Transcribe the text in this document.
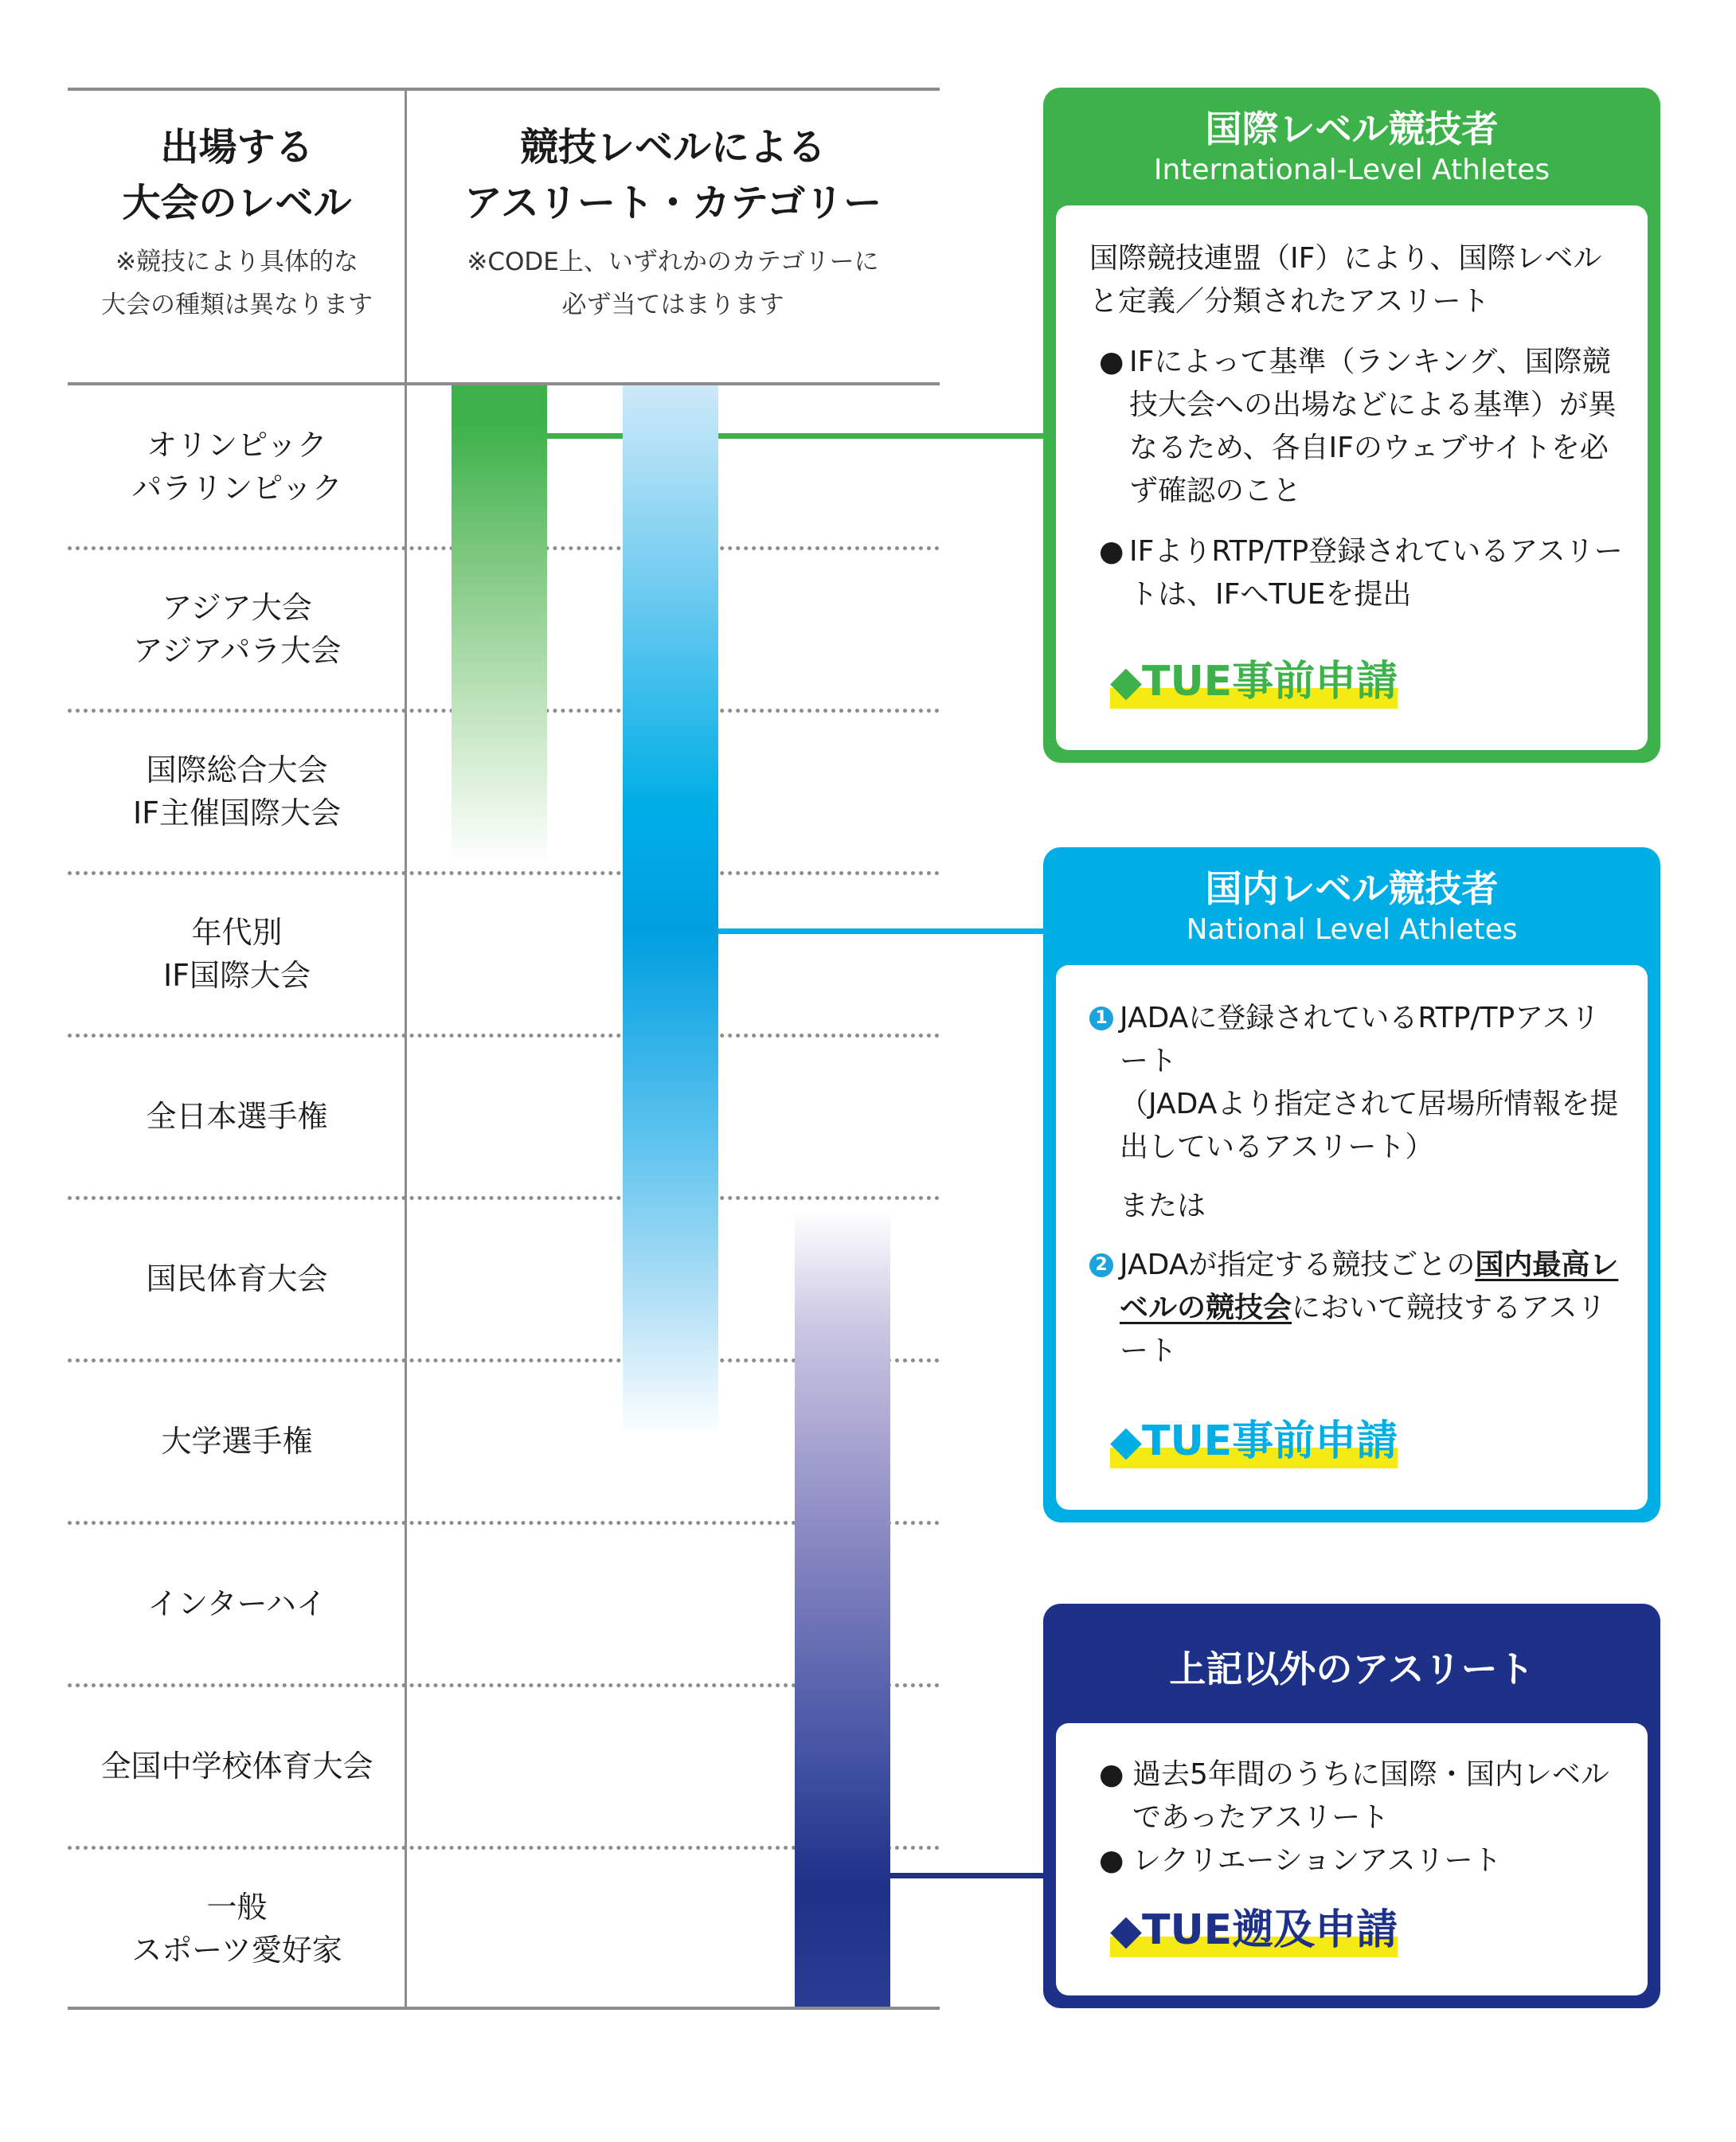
出場する
大会のレベル
※競技により具体的な
大会の種類は異なります
競技レベルによる
アスリート・カテゴリー
※CODE上、いずれかのカテゴリーに
必ず当てはまります
オリンピック
パラリンピック
アジア大会
アジアパラ大会
国際総合大会
IF主催国際大会
年代別
IF国際大会
全日本選手権
国民体育大会
大学選手権
インターハイ
全国中学校体育大会
一般
スポーツ愛好家
国際レベル競技者
International-Level Athletes
国際競技連盟（IF）により、国際レベルと定義／分類されたアスリート
● IFによって基準（ランキング、国際競技大会への出場などによる基準）が異なるため、各自IFのウェブサイトを必ず確認のこと
● IFよりRTP/TP登録されているアスリートは、IFへTUEを提出
◆TUE事前申請
国内レベル競技者
National Level Athletes
1 JADAに登録されているRTP/TPアスリート
（JADAより指定されて居場所情報を提出しているアスリート）
または
2 JADAが指定する競技ごとの国内最高レベルの競技会において競技するアスリート
◆TUE事前申請
上記以外のアスリート
● 過去5年間のうちに国際・国内レベルであったアスリート
● レクリエーションアスリート
◆TUE遡及申請
